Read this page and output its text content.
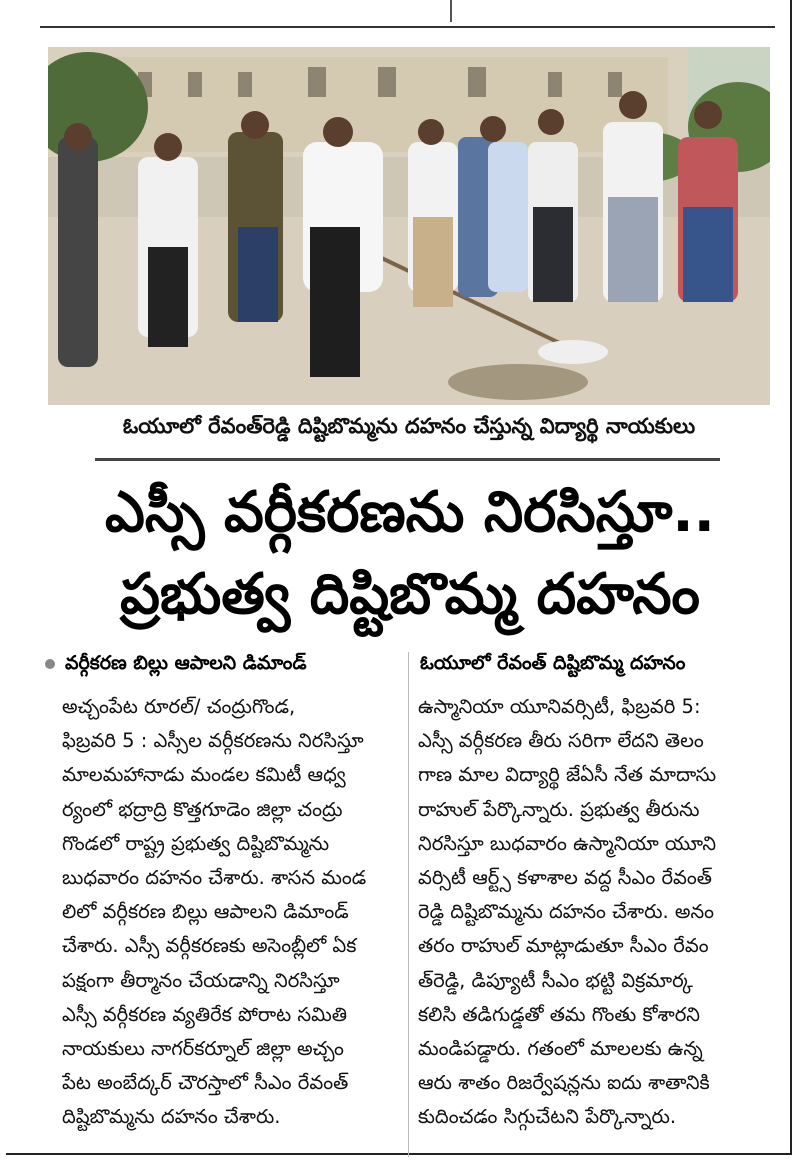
ఓయూలో రేవంత్‌రెడ్డి దిష్టిబొమ్మను దహనం చేస్తున్న విద్యార్థి నాయకులు
ఎస్సీ వర్గీకరణను నిరసిస్తూ..
ప్రభుత్వ దిష్టిబొమ్మ దహనం
వర్గీకరణ బిల్లు ఆపాలని డిమాండ్	ఓయూలో రేవంత్ దిష్టిబొమ్మ దహనం
అచ్చంపేట రూరల్/ చంద్రుగొండ,
ఫిబ్రవరి 5 : ఎస్సీల వర్గీకరణను నిరసిస్తూ
మాలమహానాడు మండల కమిటీ ఆధ్వ
ర్యంలో భద్రాద్రి కొత్తగూడెం జిల్లా చంద్రు
గొండలో రాష్ట్ర ప్రభుత్వ దిష్టిబొమ్మను
బుధవారం దహనం చేశారు. శాసన మండ
లిలో వర్గీకరణ బిల్లు ఆపాలని డిమాండ్
చేశారు. ఎస్సీ వర్గీకరణకు అసెంబ్లీలో ఏక
పక్షంగా తీర్మానం చేయడాన్ని నిరసిస్తూ
ఎస్సీ వర్గీకరణ వ్యతిరేక పోరాట సమితి
నాయకులు నాగర్‌కర్నూల్ జిల్లా అచ్చం
పేట అంబేద్కర్ చౌరస్తాలో సీఎం రేవంత్
దిష్టిబొమ్మను దహనం చేశారు.
ఉస్మానియా యూనివర్సిటీ, ఫిబ్రవరి 5:
ఎస్సీ వర్గీకరణ తీరు సరిగా లేదని తెలం
గాణ మాల విద్యార్థి జేఏసీ నేత మాదాసు
రాహుల్ పేర్కొన్నారు. ప్రభుత్వ తీరును
నిరసిస్తూ బుధవారం ఉస్మానియా యూని
వర్సిటీ ఆర్ట్స్ కళాశాల వద్ద సీఎం రేవంత్
రెడ్డి దిష్టిబొమ్మను దహనం చేశారు. అనం
తరం రాహుల్ మాట్లాడుతూ సీఎం రేవం
త్‌రెడ్డి, డిప్యూటీ సీఎం భట్టి విక్రమార్క
కలిసి తడిగుడ్డతో తమ గొంతు కోశారని
మండిపడ్డారు. గతంలో మాలలకు ఉన్న
ఆరు శాతం రిజర్వేషన్లను ఐదు శాతానికి
కుదించడం సిగ్గుచేటని పేర్కొన్నారు.
